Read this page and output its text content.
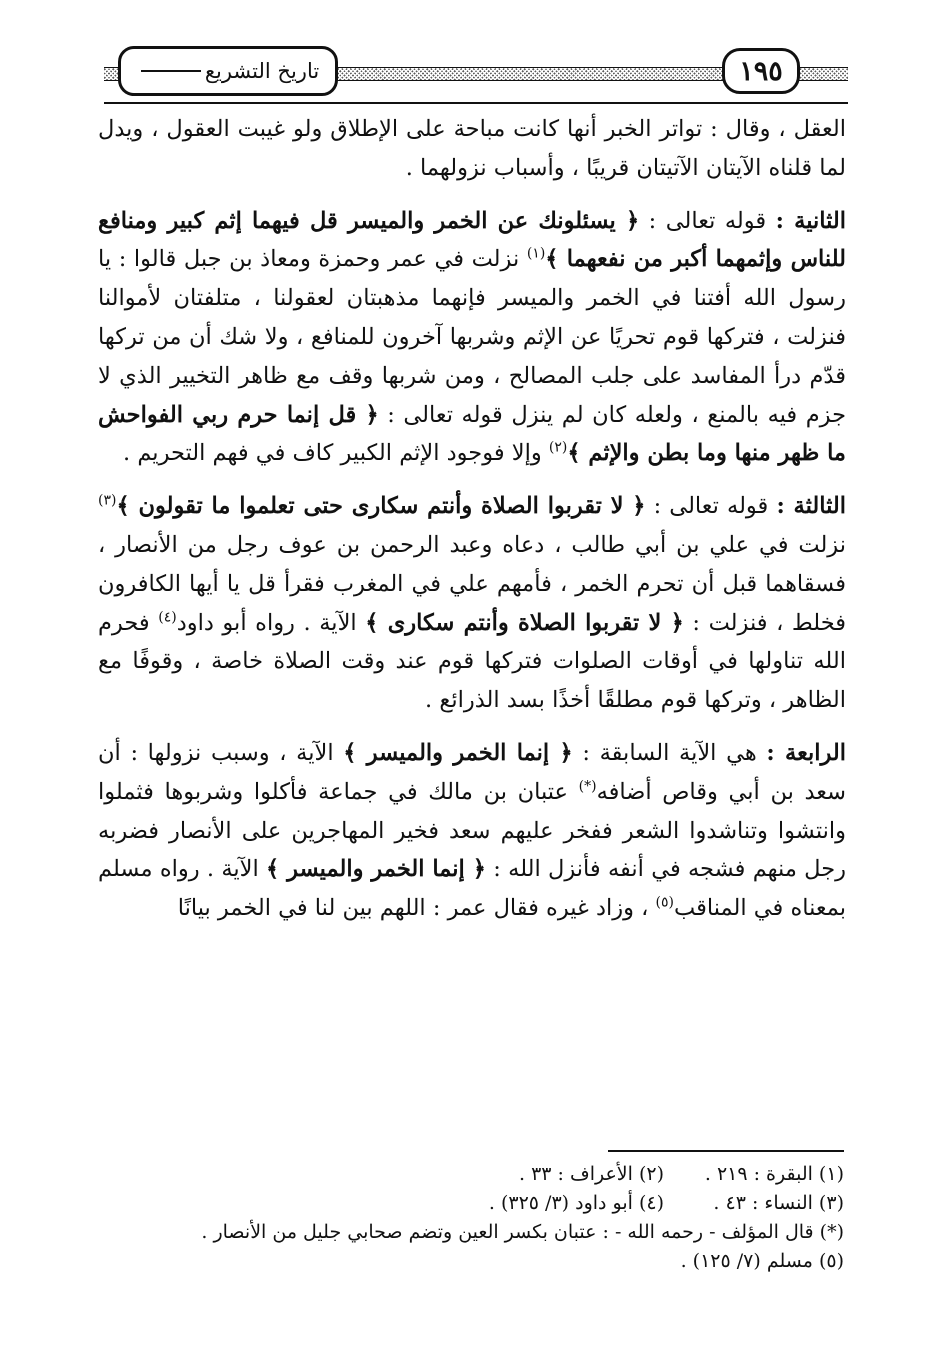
تاريخ التشريع	١٩٥

العقل ، وقال : تواتر الخبر أنها كانت مباحة على الإطلاق ولو غيبت العقول ، ويدل لما قلناه الآيتان الآتيتان قريبًا ، وأسباب نزولهما .

الثانية : قوله تعالى : ﴿ يسئلونك عن الخمر والميسر قل فيهما إثم كبير ومنافع للناس وإثمهما أكبر من نفعهما ﴾$^{(١)}$ نزلت في عمر وحمزة ومعاذ بن جبل قالوا : يا رسول الله أفتنا في الخمر والميسر فإنهما مذهبتان لعقولنا ، متلفتان لأموالنا فنزلت ، فتركها قوم تحريًا عن الإثم وشربها آخرون للمنافع ، ولا شك أن من تركها قدّم درأ المفاسد على جلب المصالح ، ومن شربها وقف مع ظاهر التخيير الذي لا جزم فيه بالمنع ، ولعله كان لم ينزل قوله تعالى : ﴿ قل إنما حرم ربي الفواحش ما ظهر منها وما بطن والإثم ﴾$^{(٢)}$ وإلا فوجود الإثم الكبير كاف في فهم التحريم .

الثالثة : قوله تعالى : ﴿ لا تقربوا الصلاة وأنتم سكارى حتى تعلموا ما تقولون ﴾$^{(٣)}$ نزلت في علي بن أبي طالب ، دعاه وعبد الرحمن بن عوف رجل من الأنصار ، فسقاهما قبل أن تحرم الخمر ، فأمهم علي في المغرب فقرأ قل يا أيها الكافرون فخلط ، فنزلت : ﴿ لا تقربوا الصلاة وأنتم سكارى ﴾ الآية . رواه أبو داود$^{(٤)}$ فحرم الله تناولها في أوقات الصلوات فتركها قوم عند وقت الصلاة خاصة ، وقوفًا مع الظاهر ، وتركها قوم مطلقًا أخذًا بسد الذرائع .

الرابعة : هي الآية السابقة : ﴿ إنما الخمر والميسر ﴾ الآية ، وسبب نزولها : أن سعد بن أبي وقاص أضافه(*) عتبان بن مالك في جماعة فأكلوا وشربوها فثملوا وانتشوا وتناشدوا الشعر ففخر عليهم سعد فخير المهاجرين على الأنصار فضربه رجل منهم فشجه في أنفه فأنزل الله : ﴿ إنما الخمر والميسر ﴾ الآية . رواه مسلم بمعناه في المناقب$^{(٥)}$ ، وزاد غيره فقال عمر : اللهم بين لنا في الخمر بيانًا

(١) البقرة : ٢١٩ .
(٢) الأعراف : ٣٣ .
(٣) النساء : ٤٣ .
(٤) أبو داود (٣/ ٣٢٥) .
(*) قال المؤلف - رحمه الله - : عتبان بكسر العين وتضم صحابي جليل من الأنصار .
(٥) مسلم (٧/ ١٢٥) .
